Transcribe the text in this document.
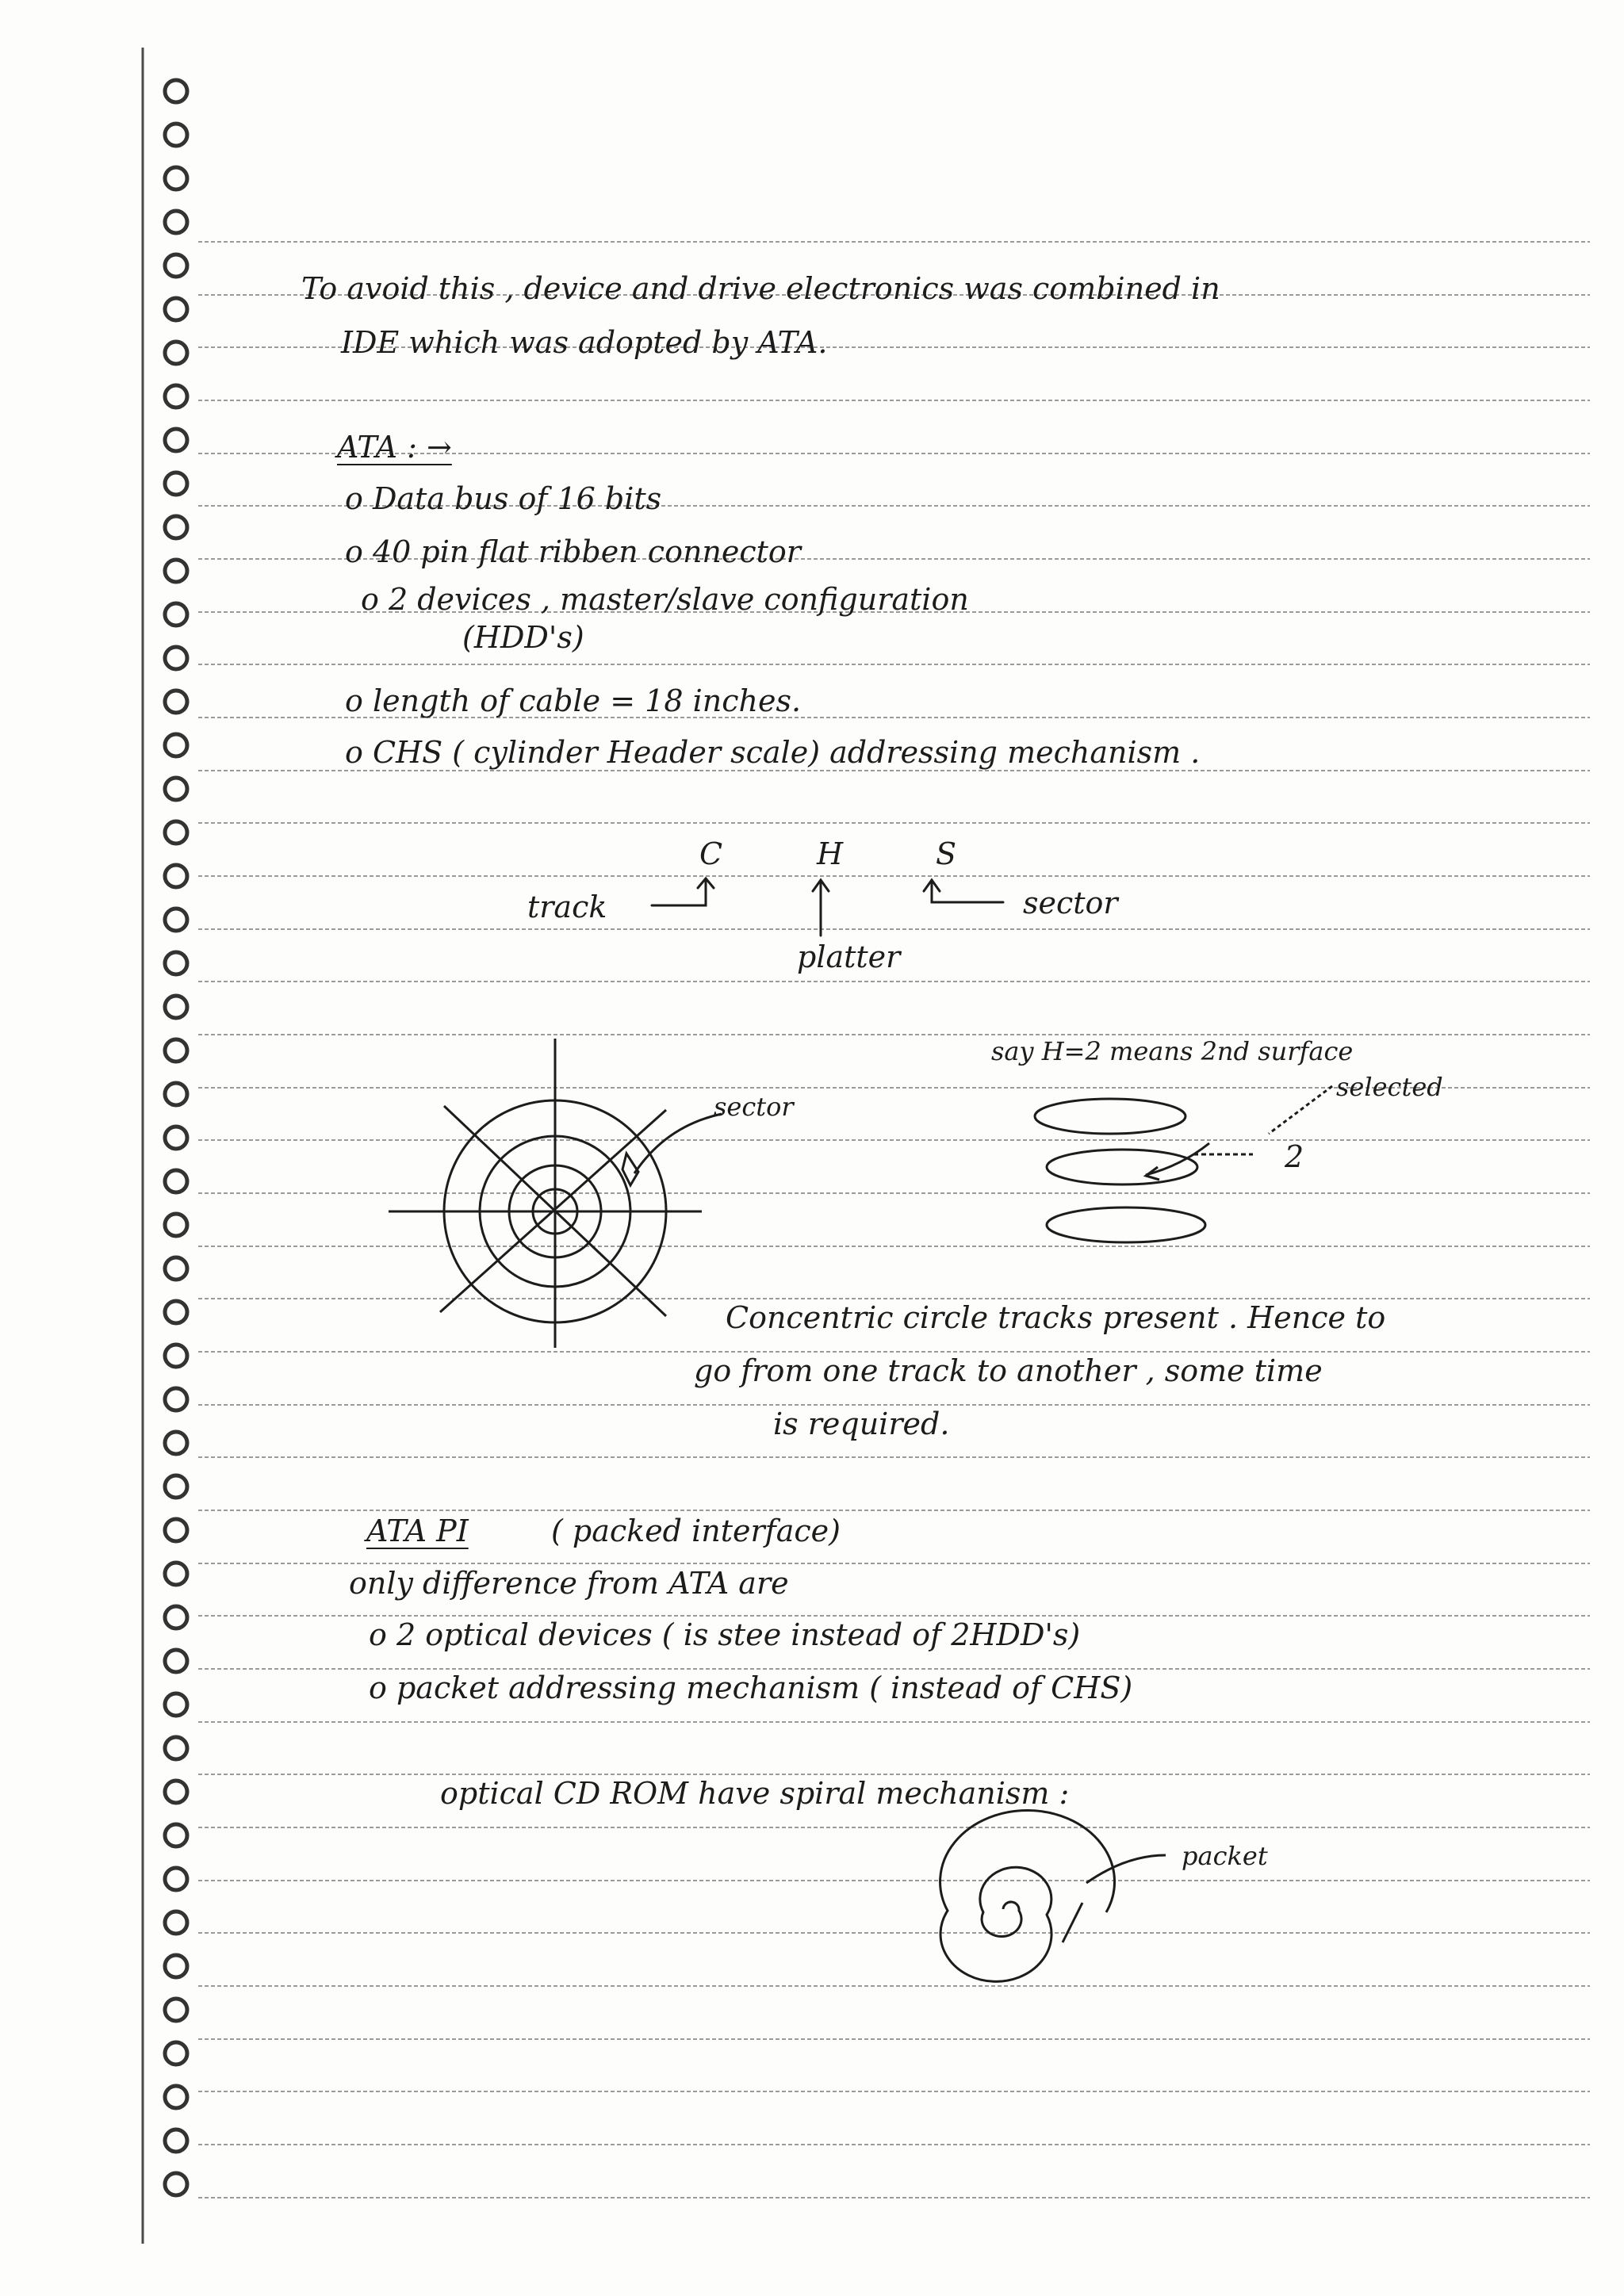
To avoid this , device and drive electronics was combined in
IDE which was adopted by ATA.
ATA : →
o Data bus of 16 bits
o 40 pin flat ribben connector
o 2 devices , master/slave configuration
(HDD's)
o length of cable = 18 inches.
o CHS ( cylinder Header scale) addressing mechanism .
C	H	S
track	sector
platter
sector
say H=2 means 2nd surface
selected
2
Concentric circle tracks present . Hence to
go from one track to another , some time
is required.
ATA PI	( packed interface)
only difference from ATA are
o 2 optical devices ( is stee instead of 2HDD's)
o packet addressing mechanism ( instead of CHS)
optical CD ROM have spiral mechanism :
packet
